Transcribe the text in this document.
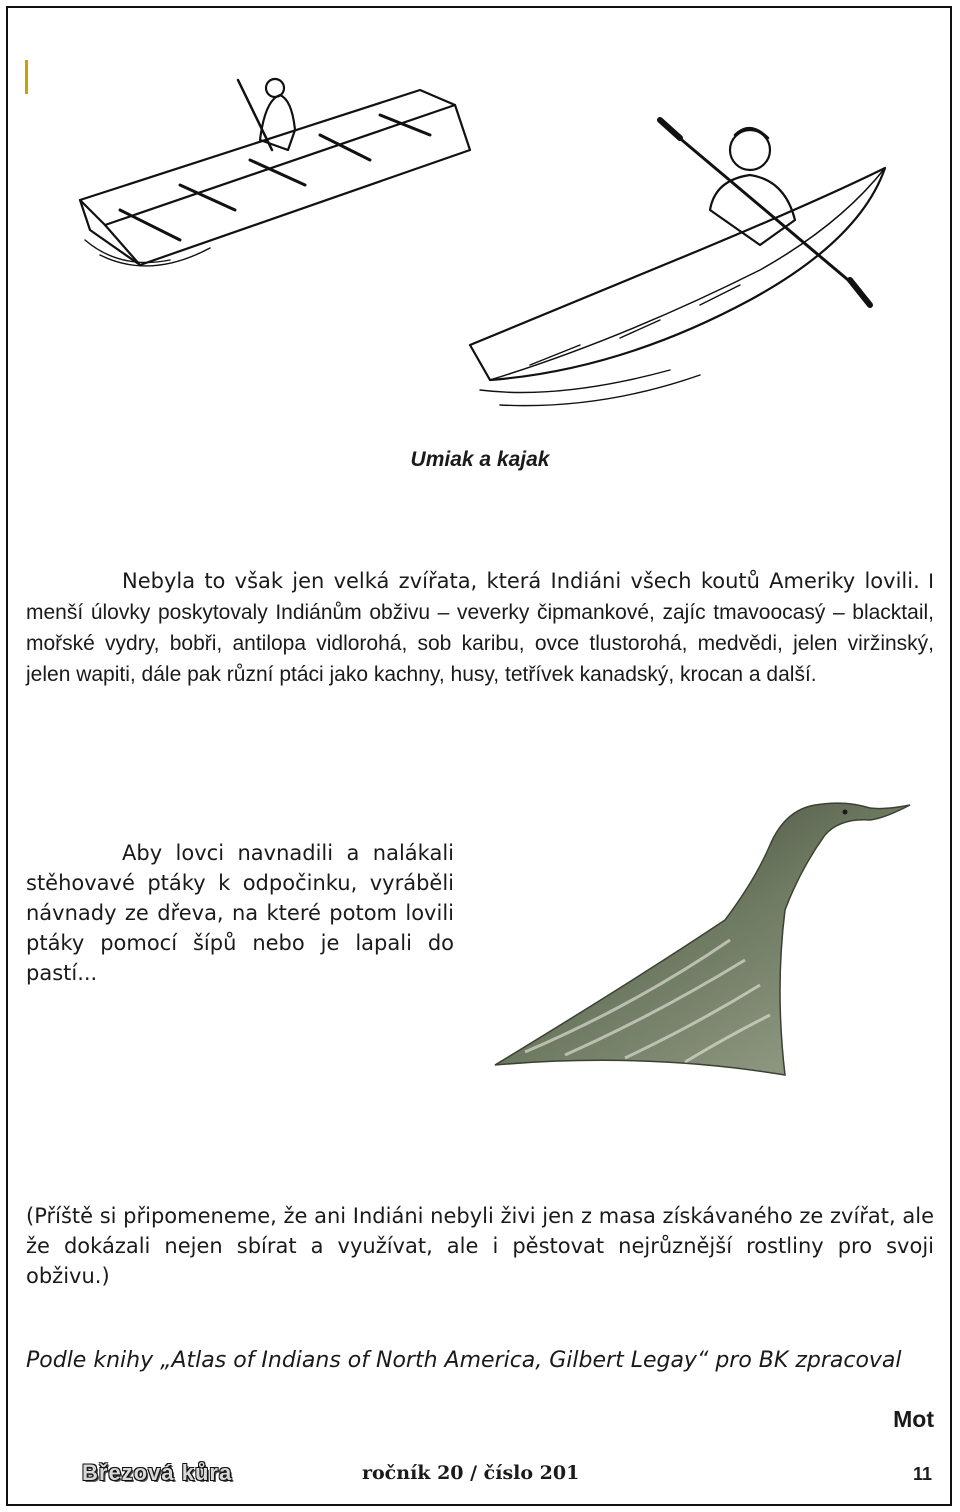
Umiak a kajak
Nebyla to však jen velká zvířata, která Indiáni všech koutů Ameriky lovili. I menší úlovky poskytovaly Indiánům obživu – veverky čipmankové, zajíc tmavoocasý – blacktail, mořské vydry, bobři, antilopa vidlorohá, sob karibu, ovce tlustorohá, medvědi, jelen viržinský, jelen wapiti, dále pak různí ptáci jako kachny, husy, tetřívek kanadský, krocan a další.
Aby lovci navnadili a nalákali stěhovavé ptáky k odpočinku, vyráběli návnady ze dřeva, na které potom lovili ptáky pomocí šípů nebo je lapali do pastí...
(Příště si připomeneme, že ani Indiáni nebyli živi jen z masa získávaného ze zvířat, ale že dokázali nejen sbírat a využívat, ale i pěstovat nejrůznější rostliny pro svoji obživu.)
Podle knihy „Atlas of Indians of North America, Gilbert Legay“ pro BK zpracoval
Mot
Březová kůra	ročník 20 / číslo 201	11
